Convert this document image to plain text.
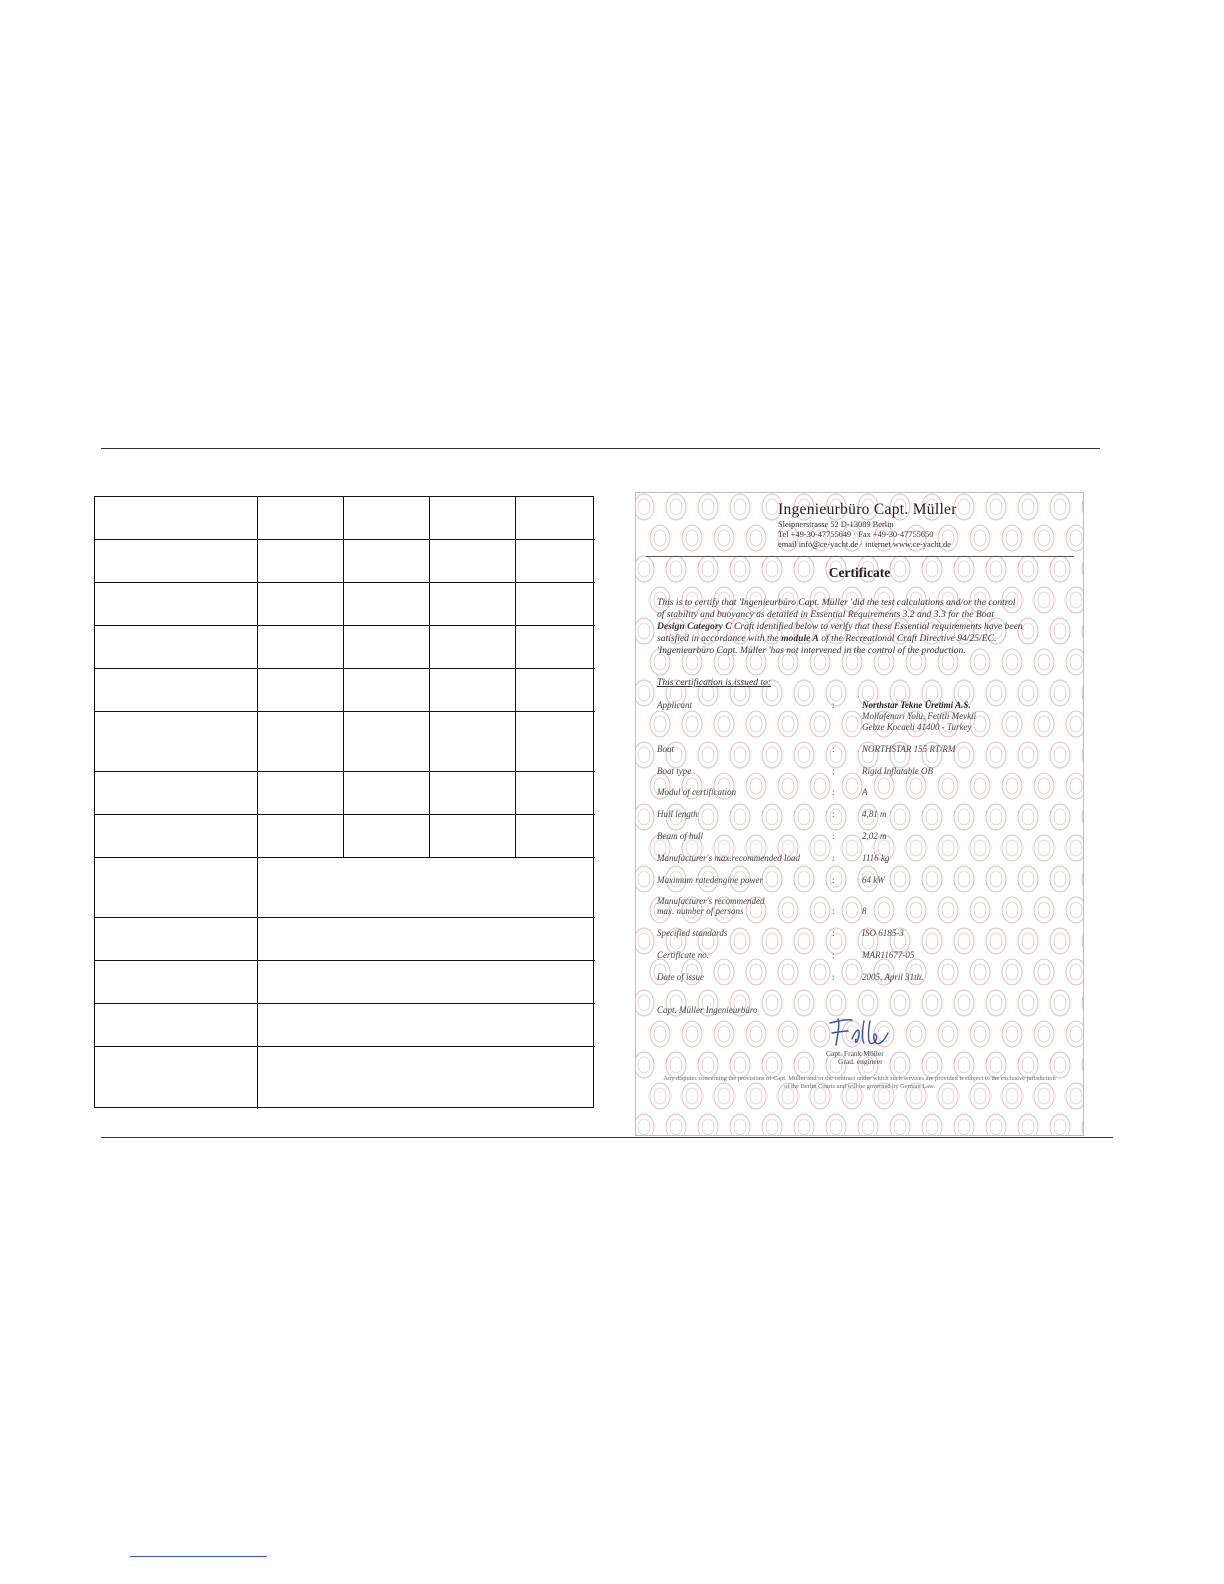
Ingenieurbüro Capt. Müller
Sleipnerstrasse 52 D-13089 Berlin
Tel +49-30-47755649 · Fax +49-30-47755650
email info@ce-yacht.de · internet www.ce-yacht.de
Certificate
This is to certify that 'Ingenieurbüro Capt. Müller 'did the test calculations and/or the control
of stability and buoyancy as detailed in Essential Requirements 3.2 and 3.3 for the Boat
Design Category C Craft identified below to verify that these Essential requirements have been
satisfied in accordance with the module A of the Recreational Craft Directive 94/25/EC.
'Ingenieurbüro Capt. Müller 'has not intervened in the control of the production.
This certification is issued to:
Applicant	:	Northstar Tekne Üretimi A.S.
Mollafenari Yolu, Fetitli Mevkii
Gebze Kocaeli 41400 - Turkey
Boat	:	NORTHSTAR 155 RT/RM
Boat type	:	Rigid Inflatable OB
Modul of certification	:	A
Hull length	:	4,81 m
Beam of hull	:	2,02 m
Manufacturer's max.recommended load	:	1116 kg
Maximum ratedengine power	:	64 kW
Manufacturer's recommended
max. number of persons	:	8
Specified standards	:	ISO 6185-3
Certificate no.	:	MAR11677-05
Date of issue	:	2005, April 31th.
Capt. Müller Ingenieurbüro
Capt. Frank Müller
Grad. engineer
Any disputes concerning the provisions of Capt. Müller and/or the contract under which such services are provided is subject to the exclusive jurisdiction
of the Berlin Courts and will be governed by German Law.
